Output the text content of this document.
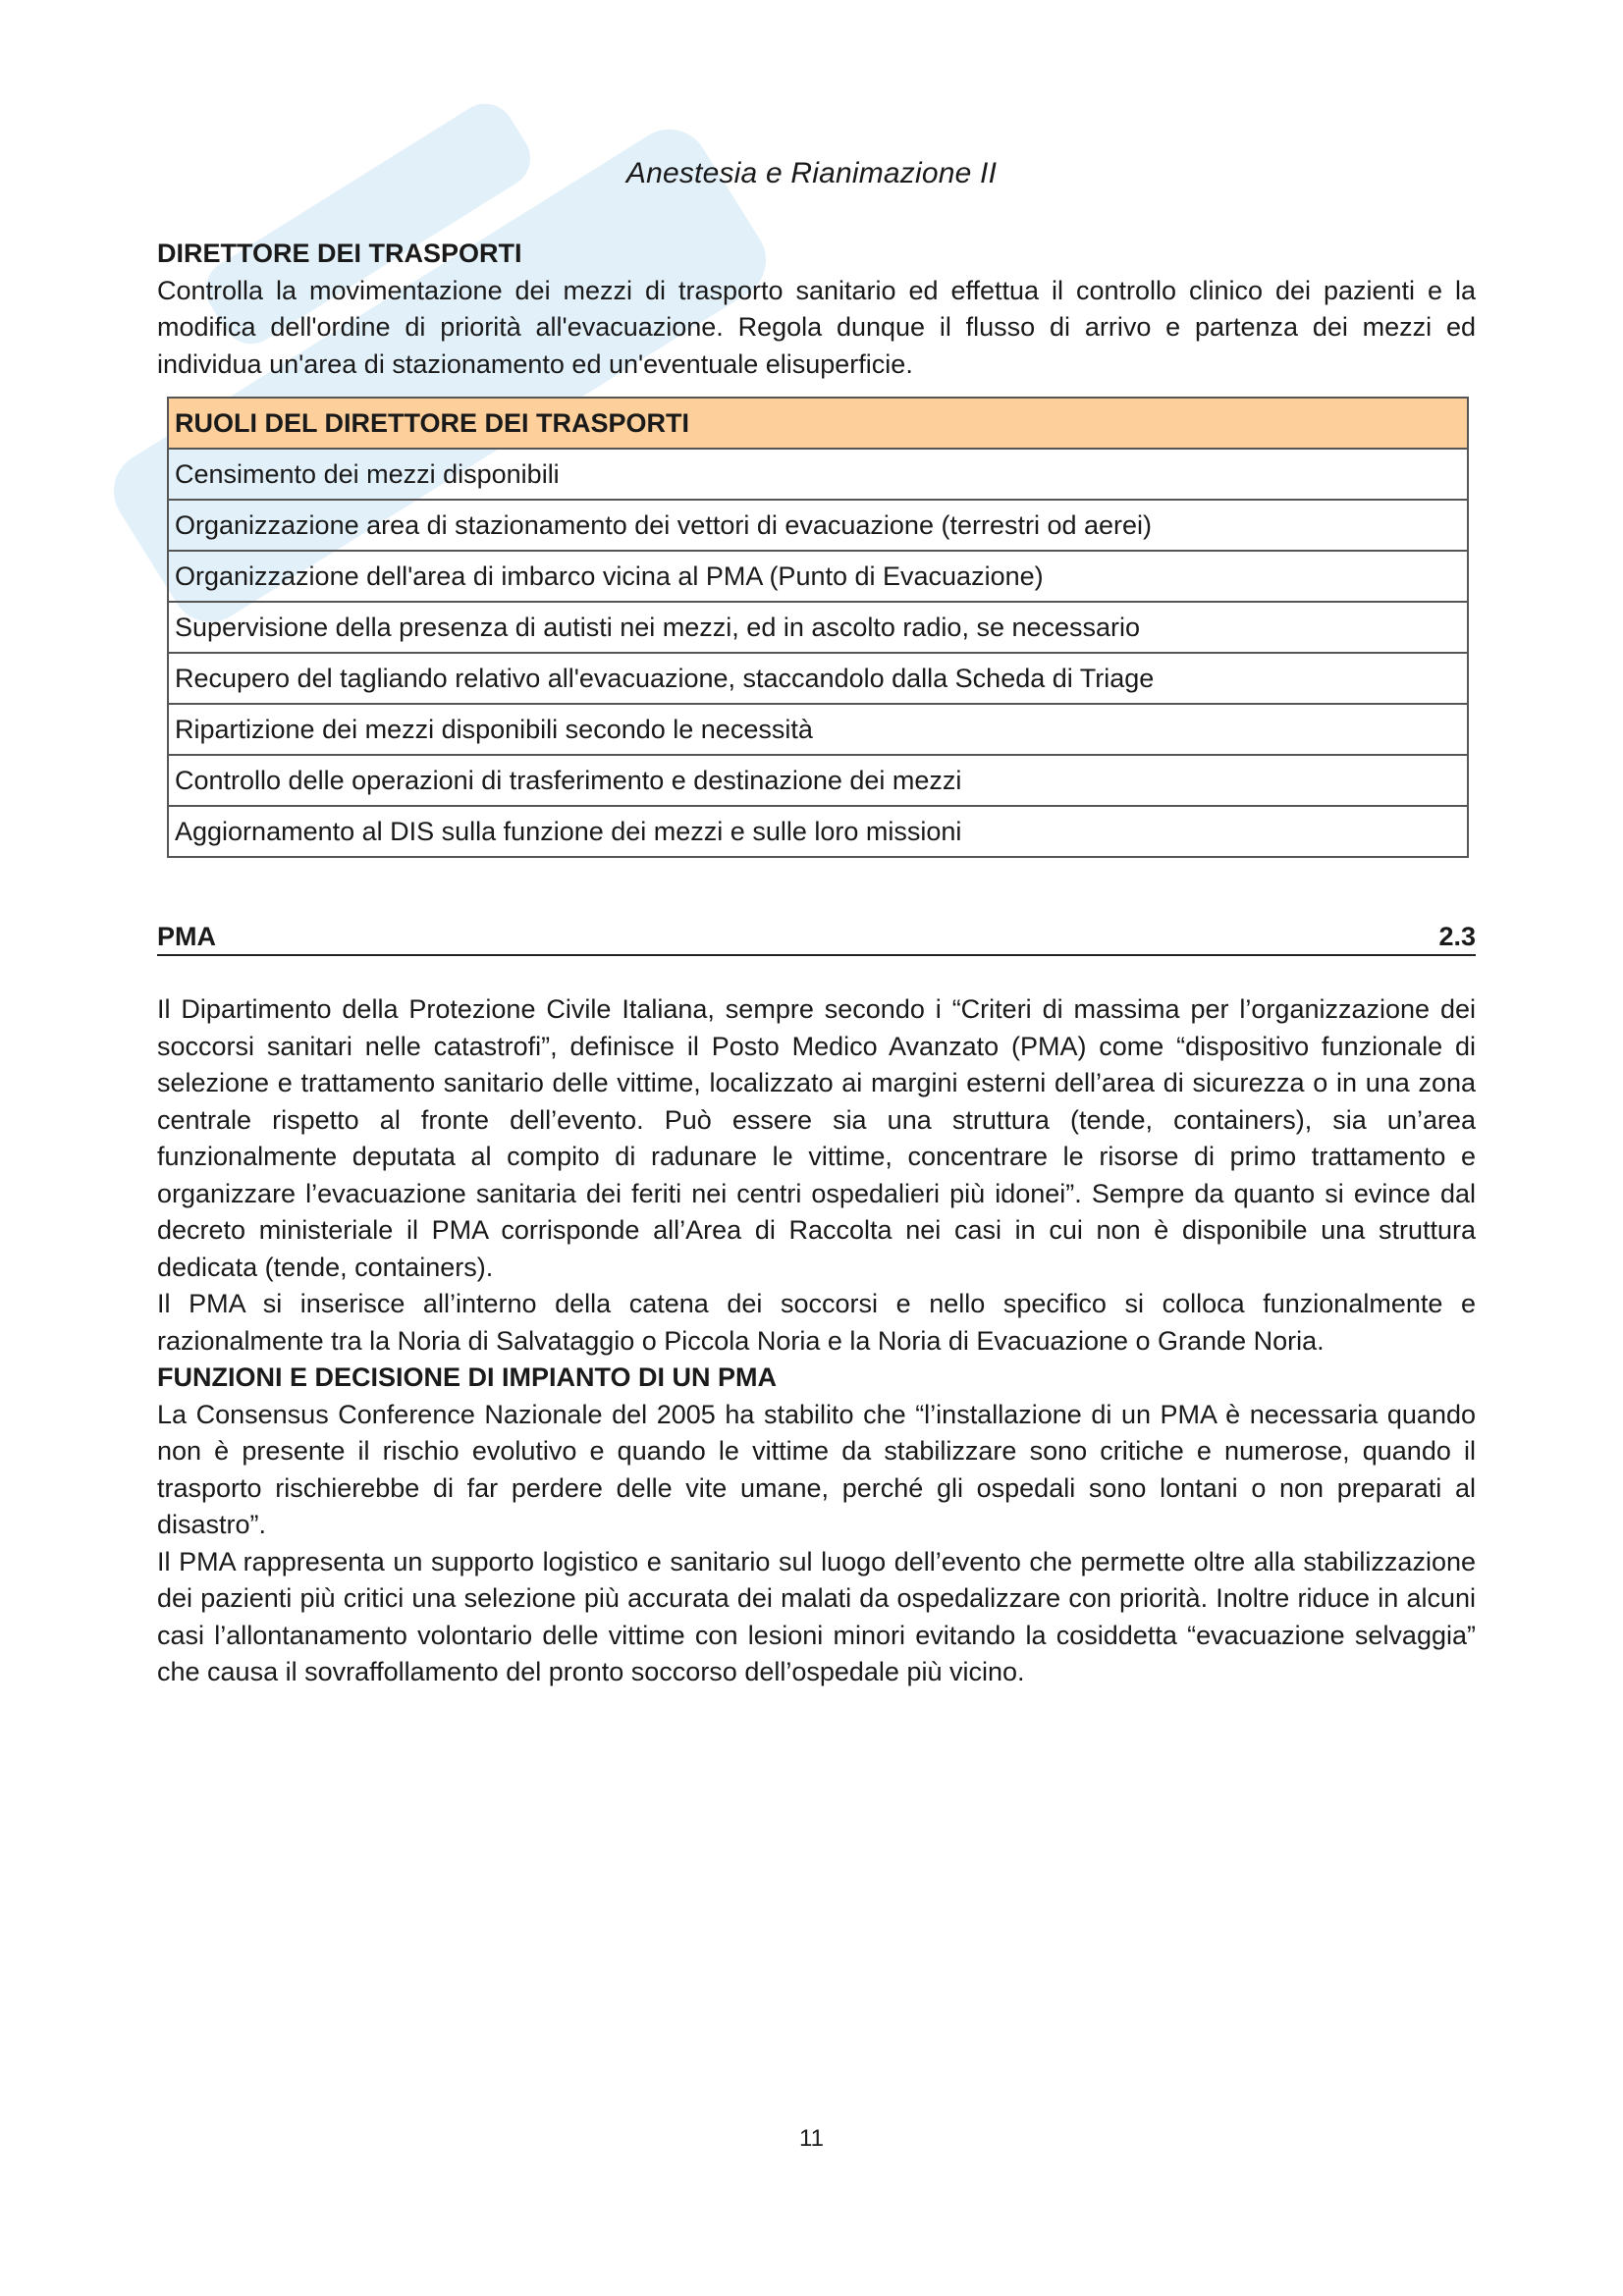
Anestesia e Rianimazione II
DIRETTORE DEI TRASPORTI
Controlla la movimentazione dei mezzi di trasporto sanitario ed effettua il controllo clinico dei pazienti e la modifica dell'ordine di priorità all'evacuazione. Regola dunque il flusso di arrivo e partenza dei mezzi ed individua un'area di stazionamento ed un'eventuale elisuperficie.
RUOLI DEL DIRETTORE DEI TRASPORTI
Censimento dei mezzi disponibili
Organizzazione area di stazionamento dei vettori di evacuazione (terrestri od aerei)
Organizzazione dell'area di imbarco vicina al PMA (Punto di Evacuazione)
Supervisione della presenza di autisti nei mezzi, ed in ascolto radio, se necessario
Recupero del tagliando relativo all'evacuazione, staccandolo dalla Scheda di Triage
Ripartizione dei mezzi disponibili secondo le necessità
Controllo delle operazioni di trasferimento e destinazione dei mezzi
Aggiornamento al DIS sulla funzione dei mezzi e sulle loro missioni
PMA	2.3
Il Dipartimento della Protezione Civile Italiana, sempre secondo i “Criteri di massima per l’organizzazione dei soccorsi sanitari nelle catastrofi”, definisce il Posto Medico Avanzato (PMA) come “dispositivo funzionale di selezione e trattamento sanitario delle vittime, localizzato ai margini esterni dell’area di sicurezza o in una zona centrale rispetto al fronte dell’evento. Può essere sia una struttura (tende, containers), sia un’area funzionalmente deputata al compito di radunare le vittime, concentrare le risorse di primo trattamento e organizzare l’evacuazione sanitaria dei feriti nei centri ospedalieri più idonei”. Sempre da quanto si evince dal decreto ministeriale il PMA corrisponde all’Area di Raccolta nei casi in cui non è disponibile una struttura dedicata (tende, containers).
Il PMA si inserisce all’interno della catena dei soccorsi e nello specifico si colloca funzionalmente e razionalmente tra la Noria di Salvataggio o Piccola Noria e la Noria di Evacuazione o Grande Noria.
FUNZIONI E DECISIONE DI IMPIANTO DI UN PMA
La Consensus Conference Nazionale del 2005 ha stabilito che “l’installazione di un PMA è necessaria quando non è presente il rischio evolutivo e quando le vittime da stabilizzare sono critiche e numerose, quando il trasporto rischierebbe di far perdere delle vite umane, perché gli ospedali sono lontani o non preparati al disastro”.
Il PMA rappresenta un supporto logistico e sanitario sul luogo dell’evento che permette oltre alla stabilizzazione dei pazienti più critici una selezione più accurata dei malati da ospedalizzare con priorità. Inoltre riduce in alcuni casi l’allontanamento volontario delle vittime con lesioni minori evitando la cosiddetta “evacuazione selvaggia” che causa il sovraffollamento del pronto soccorso dell’ospedale più vicino.
11
